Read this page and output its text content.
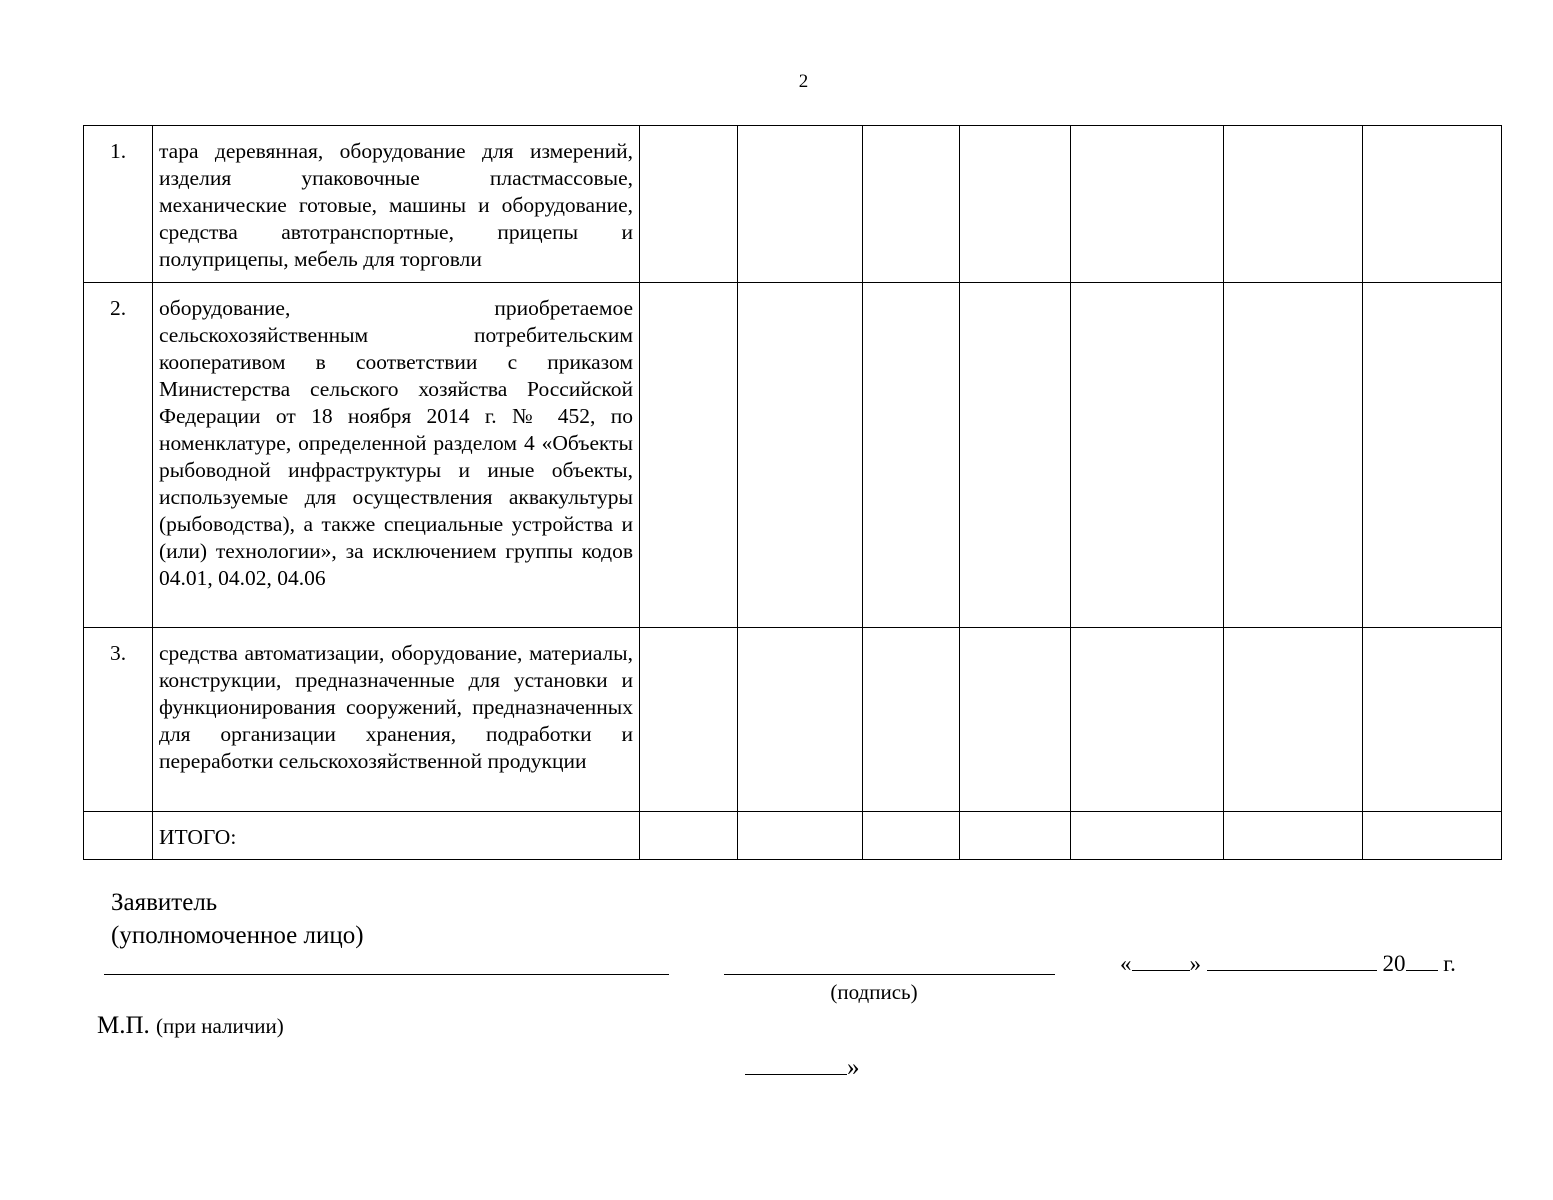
2
1.	тара деревянная, оборудование для измерений, изделия упаковочные пластмассовые, механические готовые, машины и оборудование, средства автотранспортные, прицепы и полуприцепы, мебель для торговли							
2.	оборудование, приобретаемое сельскохозяйственным потребительским кооперативом в соответствии с приказом Министерства сельского хозяйства Российской Федерации от 18 ноября 2014 г. № 452, по номенклатуре, определенной разделом 4 «Объекты рыбоводной инфраструктуры и иные объекты, используемые для осуществления аквакультуры (рыбоводства), а также специальные устройства и (или) технологии», за исключением группы кодов 04.01, 04.02, 04.06							
3.	средства автоматизации, оборудование, материалы, конструкции, предназначенные для установки и функционирования сооружений, предназначенных для организации хранения, подработки и переработки сельскохозяйственной продукции							
	ИТОГО:							
Заявитель
(уполномоченное лицо)
(подпись)
«	»	20 г.
М.П. (при наличии)
»
